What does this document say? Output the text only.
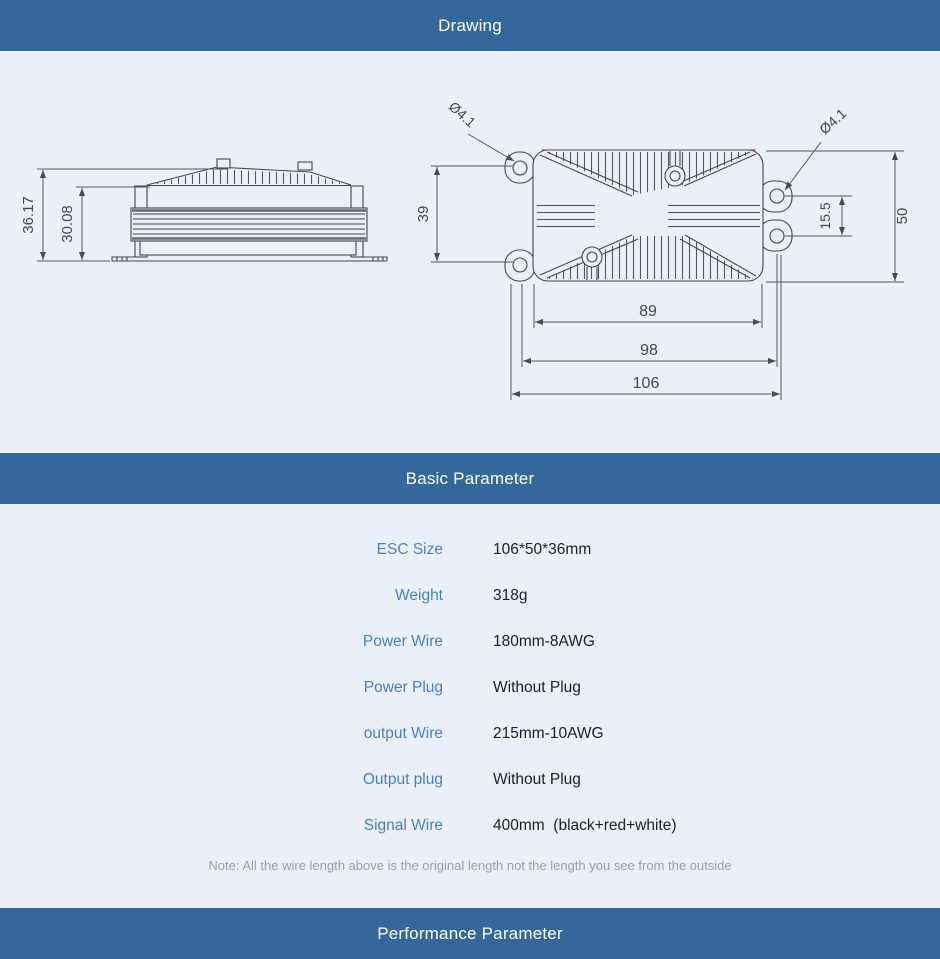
Drawing
36.17 30.08	39	15.5	50
89
98
106
Ø4.1	Ø4.1
Basic Parameter
ESC Size	106*50*36mm
Weight	318g
Power Wire	180mm-8AWG
Power Plug	Without Plug
output Wire	215mm-10AWG
Output plug	Without Plug
Signal Wire	400mm  (black+red+white)
Note: All the wire length above is the original length not the length you see from the outside
Performance Parameter
